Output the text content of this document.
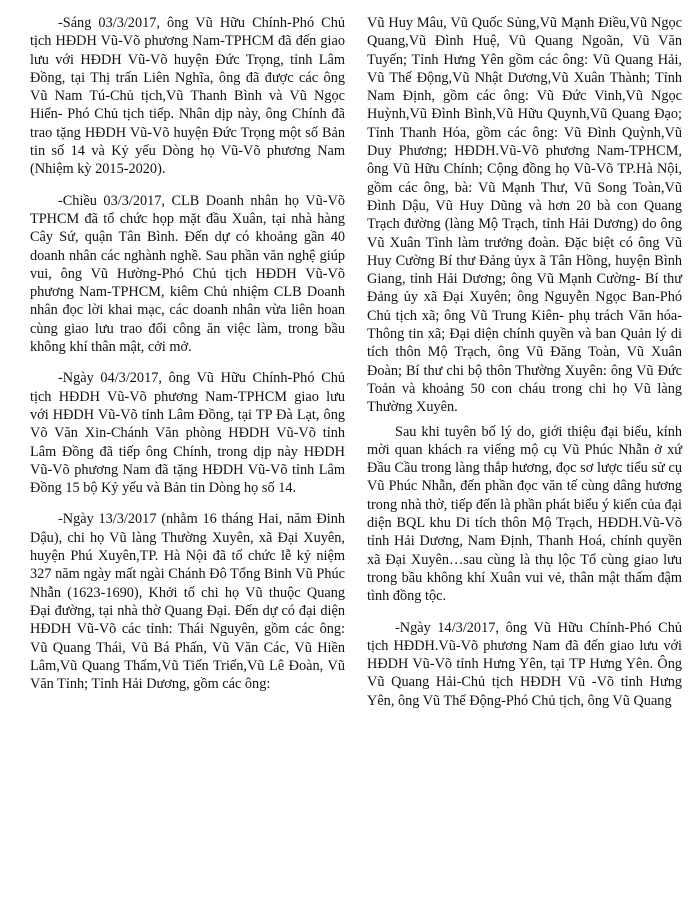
-Sáng 03/3/2017, ông Vũ Hữu Chính-Phó Chủ tịch HĐDH Vũ-Võ phương Nam-TPHCM đã đến giao lưu với HĐDH Vũ-Võ huyện Đức Trọng, tỉnh Lâm Đồng, tại Thị trấn Liên Nghĩa, ông đã được các ông Vũ Nam Tú-Chủ tịch,Vũ Thanh Bình và Vũ Ngọc Hiển- Phó Chủ tịch tiếp. Nhân dịp này, ông Chính đã trao tặng HĐDH Vũ-Võ huyện Đức Trọng một số Bản tin số 14 và Kỷ yếu Dòng họ Vũ-Võ phương Nam (Nhiệm kỳ 2015-2020).

-Chiều 03/3/2017, CLB Doanh nhân họ Vũ-Võ TPHCM đã tổ chức họp mặt đầu Xuân, tại nhà hàng Cây Sứ, quận Tân Bình. Đến dự có khoảng gần 40 doanh nhân các nghành nghề. Sau phần văn nghệ giúp vui, ông Vũ Hường-Phó Chủ tịch HĐDH Vũ-Võ phương Nam-TPHCM, kiêm Chủ nhiệm CLB Doanh nhân đọc lời khai mạc, các doanh nhân vừa liên hoan cùng giao lưu trao đổi công ăn việc làm, trong bầu không khí thân mật, cởi mở.

-Ngày 04/3/2017, ông Vũ Hữu Chính-Phó Chủ tịch HĐDH Vũ-Võ phương Nam-TPHCM giao lưu với HĐDH Vũ-Võ tỉnh Lâm Đồng, tại TP Đà Lạt, ông Võ Văn Xin-Chánh Văn phòng HĐDH Vũ-Võ tỉnh Lâm Đồng đã tiếp ông Chính, trong dịp này HĐDH Vũ-Võ phương Nam đã tặng HĐDH Vũ-Võ tỉnh Lâm Đồng 15 bộ Kỷ yếu và Bản tin Dòng họ số 14.

-Ngày 13/3/2017 (nhằm 16 tháng Hai, năm Đinh Dậu), chi họ Vũ làng Thường Xuyên, xã Đại Xuyên, huyện Phú Xuyên,TP. Hà Nội đã tổ chức lễ kỷ niệm 327 năm ngày mất ngài Chánh Đô Tổng Binh Vũ Phúc Nhẫn (1623-1690), Khởi tổ chi họ Vũ thuộc Quang Đại đường, tại nhà thờ Quang Đại. Đến dự có đại diện HĐDH Vũ-Võ các tỉnh: Thái Nguyên, gồm các ông: Vũ Quang Thái, Vũ Bá Phấn, Vũ Văn Các, Vũ Hiền Lâm,Vũ Quang Thẩm,Vũ Tiến Triển,Vũ Lê Đoàn, Vũ Văn Tỉnh; Tỉnh Hải Dương, gồm các ông:

Vũ Huy Mâu, Vũ Quốc Sủng,Vũ Mạnh Điều,Vũ Ngọc Quang,Vũ Đình Huệ, Vũ Quang Ngoãn, Vũ Văn Tuyến; Tỉnh Hưng Yên gồm các ông: Vũ Quang Hải, Vũ Thế Động,Vũ Nhật Dương,Vũ Xuân Thành; Tỉnh Nam Định, gồm các ông: Vũ Đức Vinh,Vũ Ngọc Huỳnh,Vũ Đình Bình,Vũ Hữu Quynh,Vũ Quang Đạo; Tỉnh Thanh Hóa, gồm các ông: Vũ Đình Quỳnh,Vũ Duy Phương; HĐDH.Vũ-Võ phương Nam-TPHCM, ông Vũ Hữu Chính; Cộng đồng họ Vũ-Võ TP.Hà Nội, gồm các ông, bà: Vũ Mạnh Thư, Vũ Song Toàn,Vũ Đình Dậu, Vũ Huy Dũng và hơn 20 bà con Quang Trạch đường (làng Mộ Trạch, tỉnh Hải Dương) do ông Vũ Xuân Tình làm trưởng đoàn. Đặc biệt có ông Vũ Huy Cường Bí thư Đảng ủyx ã Tân Hồng, huyện Bình Giang, tỉnh Hải Dương; ông Vũ Mạnh Cường- Bí thư Đảng ủy xã Đại Xuyên; ông Nguyễn Ngọc Ban-Phó Chủ tịch xã; ông Vũ Trung Kiên- phụ trách Văn hóa- Thông tin xã; Đại diện chính quyền và ban Quản lý di tích thôn Mộ Trạch, ông Vũ Đăng Toàn, Vũ Xuân Đoàn; Bí thư chi bộ thôn Thường Xuyên: ông Vũ Đức Toản và khoảng 50 con cháu trong chi họ Vũ làng Thường Xuyên.

Sau khi tuyên bố lý do, giới thiệu đại biểu, kính mời quan khách ra viếng mộ cụ Vũ Phúc Nhẫn ở xứ Đầu Cầu trong làng thắp hương, đọc sơ lược tiểu sử cụ Vũ Phúc Nhẫn, đến phần đọc văn tế cùng dâng hương trong nhà thờ, tiếp đến là phần phát biểu ý kiến của đại diện BQL khu Di tích thôn Mộ Trạch, HĐDH.Vũ-Võ tỉnh Hải Dương, Nam Định, Thanh Hoá, chính quyền xã Đại Xuyên…sau cùng là thụ lộc Tổ cùng giao lưu trong bầu không khí Xuân vui vẻ, thân mật thấm đậm tình đồng tộc.

-Ngày 14/3/2017, ông Vũ Hữu Chính-Phó Chủ tịch HĐDH.Vũ-Võ phương Nam đã đến giao lưu với HĐDH Vũ-Võ tỉnh Hưng Yên, tại TP Hưng Yên. Ông Vũ Quang Hải-Chủ tịch HĐDH Vũ -Võ tỉnh Hưng Yên, ông Vũ Thế Động-Phó Chủ tịch, ông Vũ Quang
